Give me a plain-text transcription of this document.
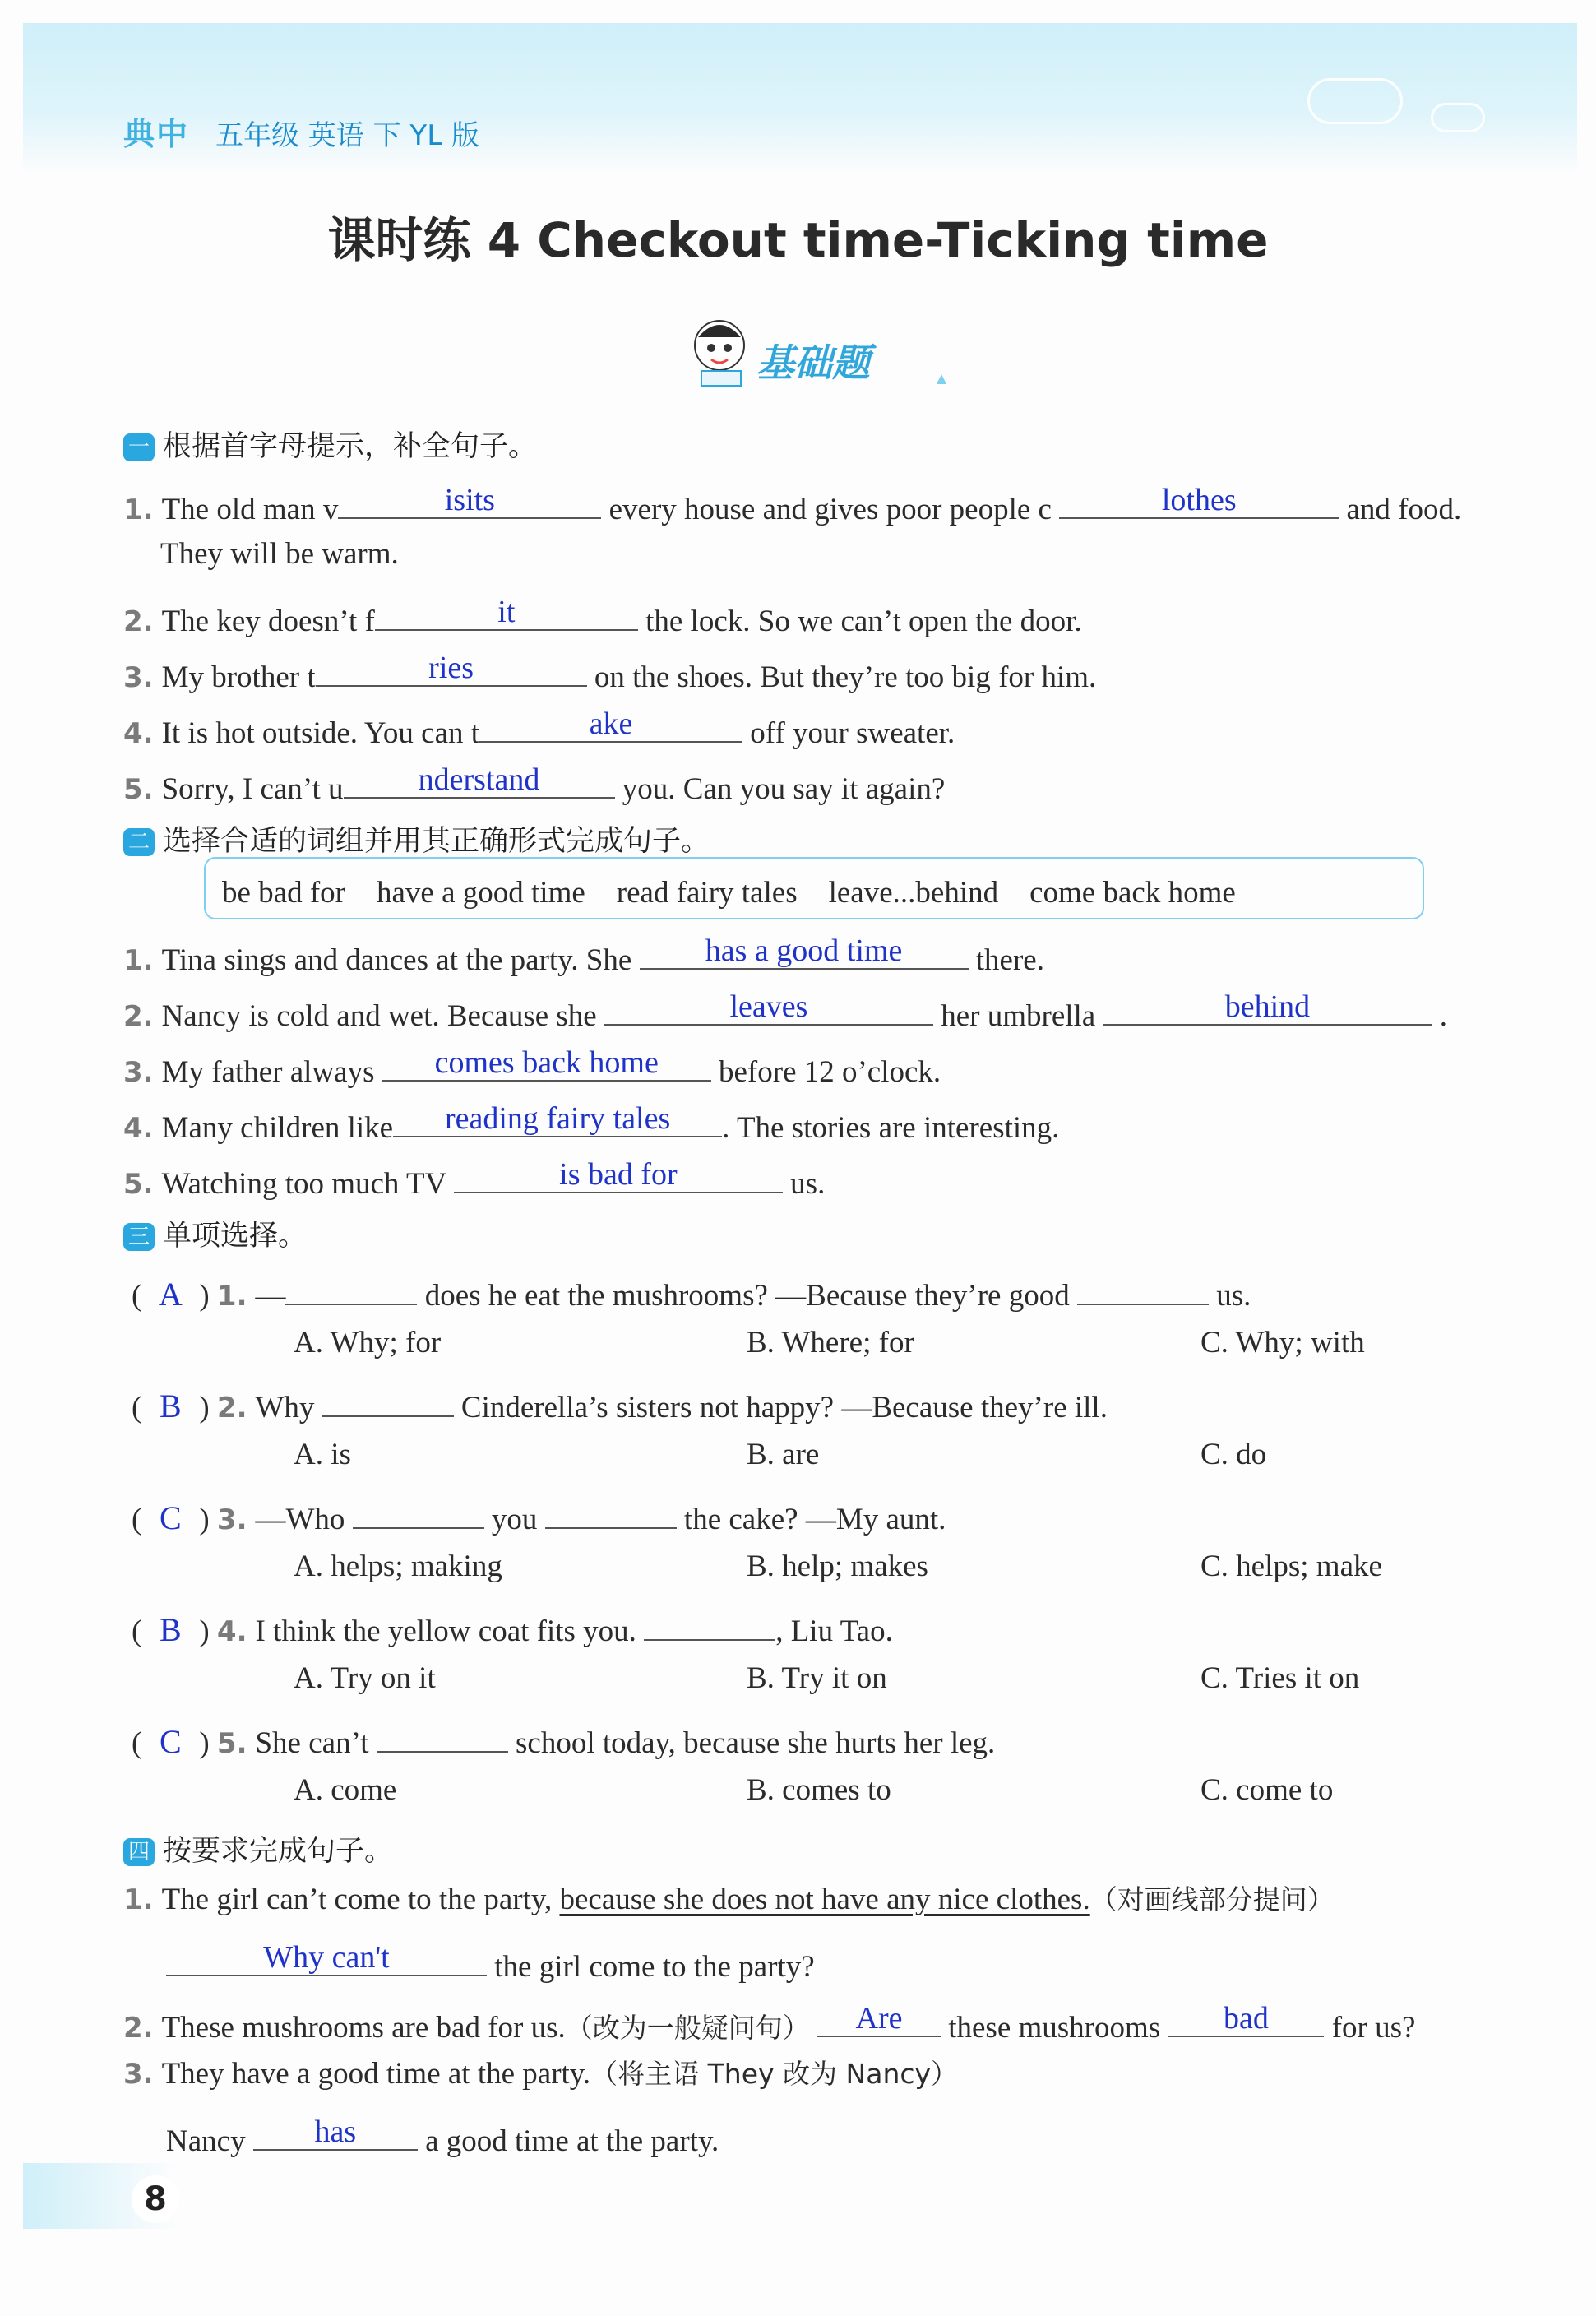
典中 五年级 英语 下 YL 版
课时练 4 Checkout time-Ticking time
基础题
一 根据首字母提示，补全句子。
1. The old man v	isits	every house and gives poor people c	lothes	and food.
They will be warm.
2. The key doesn’t f	it	the lock. So we can’t open the door.
3. My brother t	ries	on the shoes. But they’re too big for him.
4. It is hot outside. You can t	ake	off your sweater.
5. Sorry, I can’t u	nderstand	you. Can you say it again?
二 选择合适的词组并用其正确形式完成句子。
be bad for have a good time read fairy tales leave...behind come back home
1. Tina sings and dances at the party. She	has a good time	there.
2. Nancy is cold and wet. Because she	leaves	her umbrella	behind	.
3. My father always	comes back home	before 12 o’clock.
4. Many children like	reading fairy tales	. The stories are interesting.
5. Watching too much TV	is bad for	us.
三 单项选择。
( A ) 1. —	does he eat the mushrooms? —Because they’re good	us.
A. Why; for	B. Where; for	C. Why; with
( B ) 2. Why	Cinderella’s sisters not happy? —Because they’re ill.
A. is	B. are	C. do
( C ) 3. —Who	you	the cake? —My aunt.
A. helps; making	B. help; makes	C. helps; make
( B ) 4. I think the yellow coat fits you.	, Liu Tao.
A. Try on it	B. Try it on	C. Tries it on
( C ) 5. She can’t	school today, because she hurts her leg.
A. come	B. comes to	C. come to
四 按要求完成句子。
1. The girl can’t come to the party, because she does not have any nice clothes.（对画线部分提问）
Why can't	the girl come to the party?
2. These mushrooms are bad for us.（改为一般疑问句）	Are	these mushrooms	bad	for us?
3. They have a good time at the party.（将主语 They 改为 Nancy）
Nancy	has	a good time at the party.
8
